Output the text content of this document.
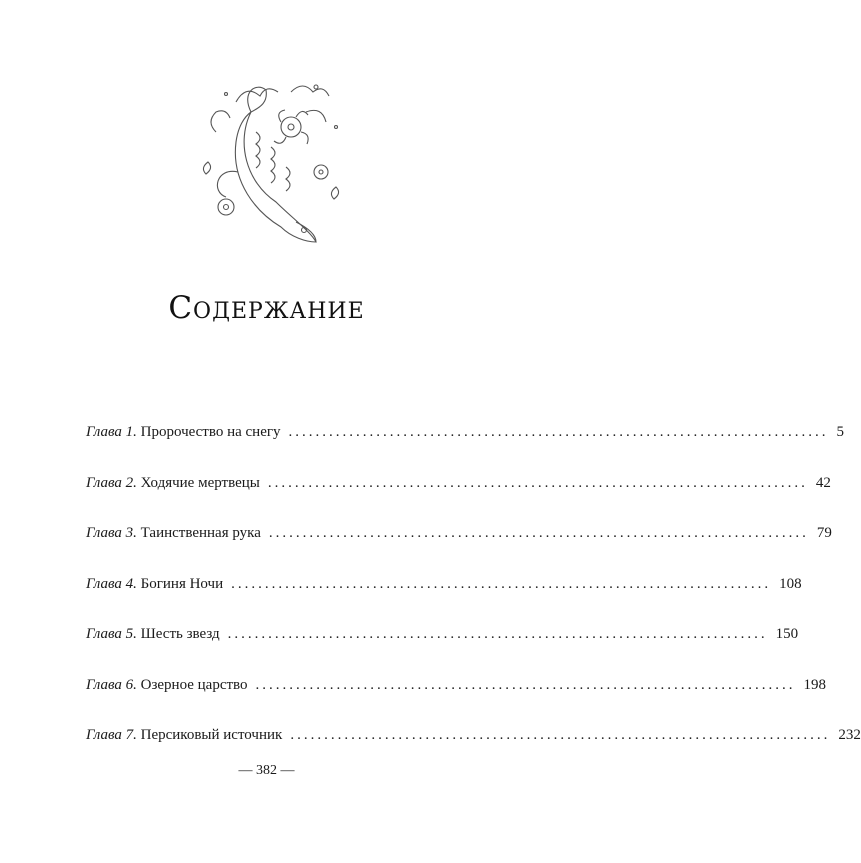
Содержание
Глава 1. Пророчество на снегу ................................................................................ 5
Глава 2. Ходячие мертвецы ................................................................................ 42
Глава 3. Таинственная рука ................................................................................ 79
Глава 4. Богиня Ночи ................................................................................ 108
Глава 5. Шесть звезд ................................................................................ 150
Глава 6. Озерное царство ................................................................................ 198
Глава 7. Персиковый источник ................................................................................ 232
— 382 —
